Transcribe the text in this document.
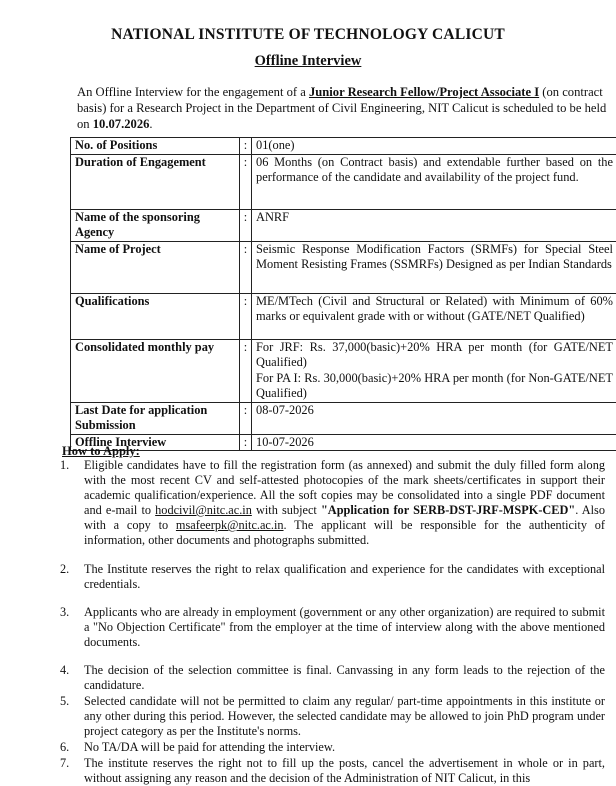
NATIONAL INSTITUTE OF TECHNOLOGY CALICUT
Offline Interview
An Offline Interview for the engagement of a Junior Research Fellow/Project Associate I (on contract basis) for a Research Project in the Department of Civil Engineering, NIT Calicut is scheduled to be held on 10.07.2026.
No. of Positions	:	01(one)
Duration of Engagement	:	06 Months (on Contract basis) and extendable further based on the performance of the candidate and availability of the project fund.
Name of the sponsoring Agency	:	ANRF
Name of Project	:	Seismic Response Modification Factors (SRMFs) for Special Steel Moment Resisting Frames (SSMRFs) Designed as per Indian Standards
Qualifications	:	ME/MTech (Civil and Structural or Related) with Minimum of 60% marks or equivalent grade with or without (GATE/NET Qualified)
Consolidated monthly pay	:	For JRF: Rs. 37,000(basic)+20% HRA per month (for GATE/NET Qualified)
For PA I: Rs. 30,000(basic)+20% HRA per month (for Non-GATE/NET Qualified)

Last Date for application Submission	:	08-07-2026
Offline Interview	:	10-07-2026
How to Apply:
1. Eligible candidates have to fill the registration form (as annexed) and submit the duly filled form along with the most recent CV and self-attested photocopies of the mark sheets/certificates in support their academic qualification/experience. All the soft copies may be consolidated into a single PDF document and e-mail to hodcivil@nitc.ac.in with subject "Application for SERB-DST-JRF-MSPK-CED". Also with a copy to msafeerpk@nitc.ac.in. The applicant will be responsible for the authenticity of information, other documents and photographs submitted.
2. The Institute reserves the right to relax qualification and experience for the candidates with exceptional credentials.
3. Applicants who are already in employment (government or any other organization) are required to submit a "No Objection Certificate" from the employer at the time of interview along with the above mentioned documents.
4. The decision of the selection committee is final. Canvassing in any form leads to the rejection of the candidature.
5. Selected candidate will not be permitted to claim any regular/ part-time appointments in this institute or any other during this period. However, the selected candidate may be allowed to join PhD program under project category as per the Institute's norms.
6. No TA/DA will be paid for attending the interview.
7. The institute reserves the right not to fill up the posts, cancel the advertisement in whole or in part, without assigning any reason and the decision of the Administration of NIT Calicut, in this
